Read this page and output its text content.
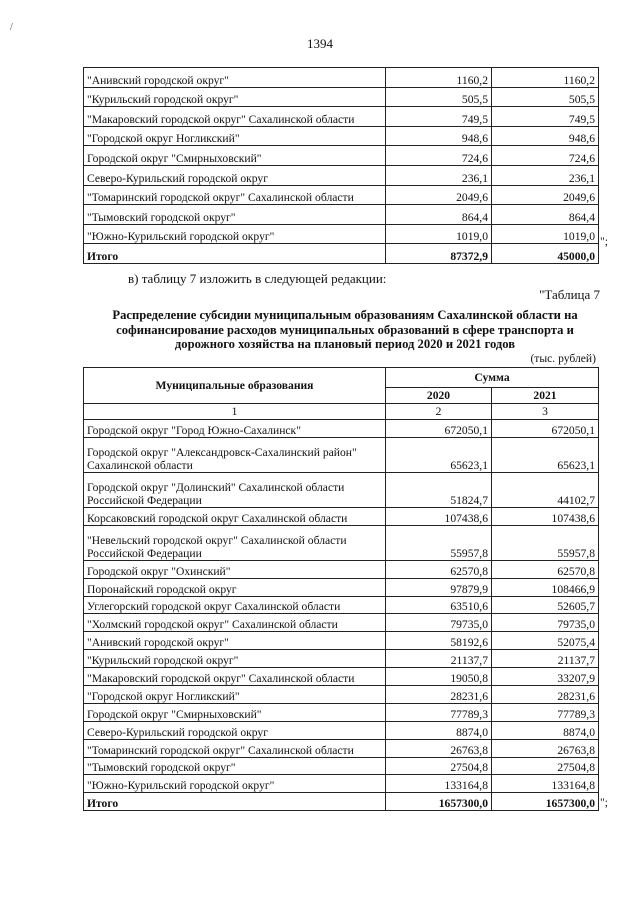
/
1394
"Анивский городской округ"	1160,2	1160,2
"Курильский городской округ"	505,5	505,5
"Макаровский городской округ" Сахалинской области	749,5	749,5
"Городской округ Ногликский"	948,6	948,6
Городской округ "Смирныховский"	724,6	724,6
Северо-Курильский городской округ	236,1	236,1
"Томаринский городской округ" Сахалинской области	2049,6	2049,6
"Тымовский городской округ"	864,4	864,4
"Южно-Курильский городской округ"	1019,0	1019,0
Итого	87372,9	45000,0
";
в) таблицу 7 изложить в следующей редакции:
"Таблица 7
Распределение субсидии муниципальным образованиям Сахалинской области на софинансирование расходов муниципальных образований в сфере транспорта и дорожного хозяйства на плановый период 2020 и 2021 годов
(тыс. рублей)
Муниципальные образования	Сумма	
	2020	2021
1	2	3
Городской округ "Город Южно-Сахалинск"	672050,1	672050,1
Городской округ "Александровск-Сахалинский район" Сахалинской области	65623,1	65623,1
Городской округ "Долинский" Сахалинской области Российской Федерации	51824,7	44102,7
Корсаковский городской округ Сахалинской области	107438,6	107438,6
"Невельский городской округ" Сахалинской области Российской Федерации	55957,8	55957,8
Городской округ "Охинский"	62570,8	62570,8
Поронайский городской округ	97879,9	108466,9
Углегорский городской округ Сахалинской области	63510,6	52605,7
"Холмский городской округ" Сахалинской области	79735,0	79735,0
"Анивский городской округ"	58192,6	52075,4
"Курильский городской округ"	21137,7	21137,7
"Макаровский городской округ" Сахалинской области	19050,8	33207,9
"Городской округ Ногликский"	28231,6	28231,6
Городской округ "Смирныховский"	77789,3	77789,3
Северо-Курильский городской округ	8874,0	8874,0
"Томаринский городской округ" Сахалинской области	26763,8	26763,8
"Тымовский городской округ"	27504,8	27504,8
"Южно-Курильский городской округ"	133164,8	133164,8
Итого	1657300,0	1657300,0 ";
